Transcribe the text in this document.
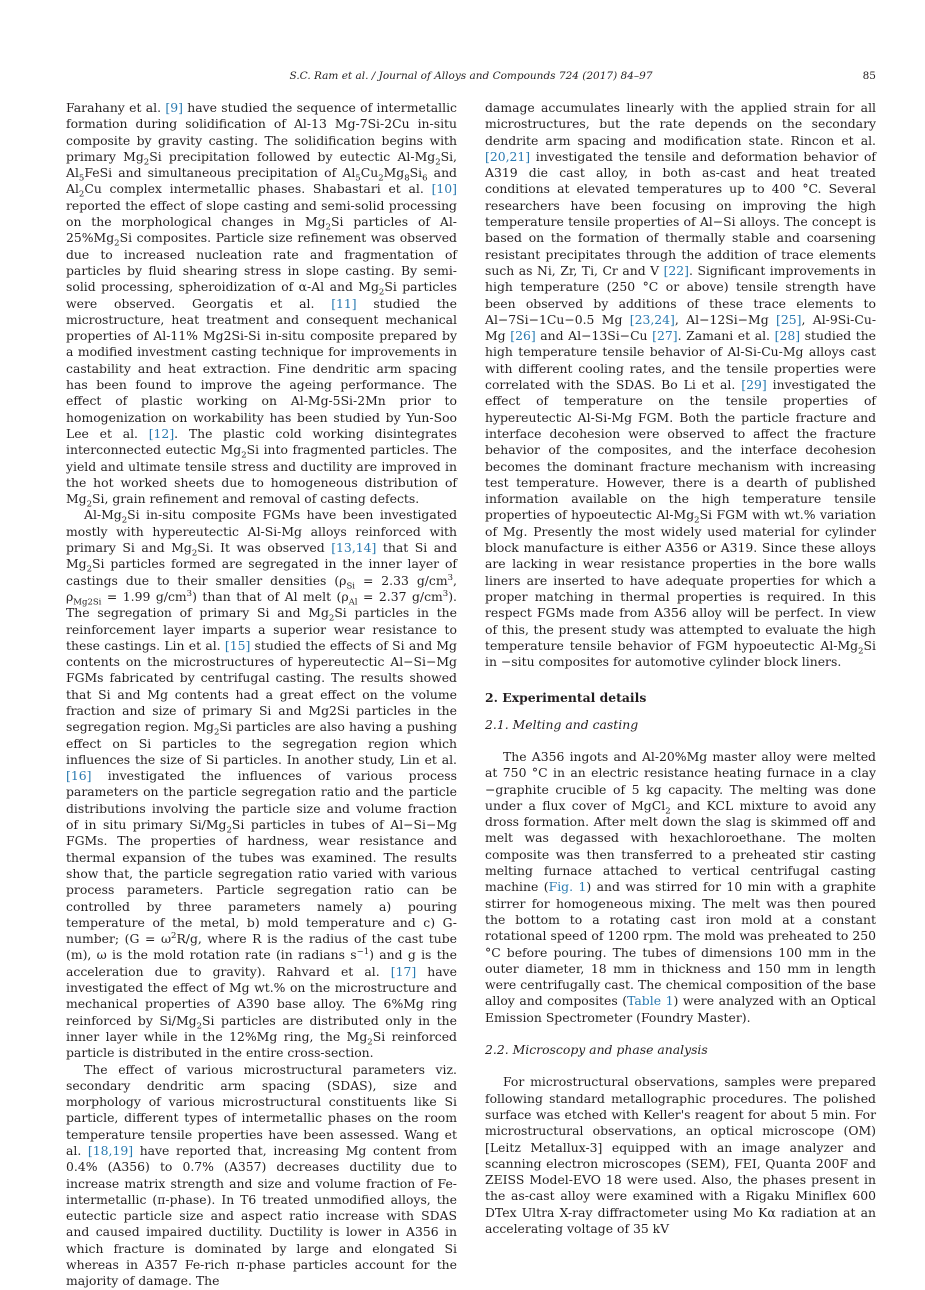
S.C. Ram et al. / Journal of Alloys and Compounds 724 (2017) 84–97	85

Farahany et al. [9] have studied the sequence of intermetallic formation during solidification of Al-13 Mg-7Si-2Cu in-situ composite by gravity casting. The solidification begins with primary $Mg_2Si$ precipitation followed by eutectic $Al-Mg_2Si$, $Al_5FeSi$ and simultaneous precipitation of $Al_5Cu_2Mg_8Si_6$ and $Al_2Cu$ complex intermetallic phases. Shabastari et al. [10] reported the effect of slope casting and semi-solid processing on the morphological changes in $Mg_2Si$ particles of $Al-25\%Mg_2Si$ composites. Particle size refinement was observed due to increased nucleation rate and fragmentation of particles by fluid shearing stress in slope casting. By semi-solid processing, spheroidization of α-Al and $Mg_2Si$ particles were observed. Georgatis et al. [11] studied the microstructure, heat treatment and consequent mechanical properties of Al-11% Mg2Si-Si in-situ composite prepared by a modified investment casting technique for improvements in castability and heat extraction. Fine dendritic arm spacing has been found to improve the ageing performance. The effect of plastic working on Al-Mg-5Si-2Mn prior to homogenization on workability has been studied by Yun-Soo Lee et al. [12]. The plastic cold working disintegrates interconnected eutectic $Mg_2Si$ into fragmented particles. The yield and ultimate tensile stress and ductility are improved in the hot worked sheets due to homogeneous distribution of $Mg_2Si$, grain refinement and removal of casting defects.

$Al-Mg_2Si$ in-situ composite FGMs have been investigated mostly with hypereutectic Al-Si-Mg alloys reinforced with primary Si and $Mg_2Si$. It was observed [13,14] that Si and $Mg_2Si$ particles formed are segregated in the inner layer of castings due to their smaller densities ($\rho_{Si} = 2.33$ $g/cm^3$, $\rho_{Mg2Si} = 1.99$ $g/cm^3$) than that of Al melt ($\rho_{Al} = 2.37$ $g/cm^3$). The segregation of primary Si and $Mg_2Si$ particles in the reinforcement layer imparts a superior wear resistance to these castings. Lin et al. [15] studied the effects of Si and Mg contents on the microstructures of hypereutectic Al−Si−Mg FGMs fabricated by centrifugal casting. The results showed that Si and Mg contents had a great effect on the volume fraction and size of primary Si and Mg2Si particles in the segregation region. $Mg_2Si$ particles are also having a pushing effect on Si particles to the segregation region which influences the size of Si particles. In another study, Lin et al. [16] investigated the influences of various process parameters on the particle segregation ratio and the particle distributions involving the particle size and volume fraction of in situ primary $Si/Mg_2Si$ particles in tubes of Al−Si−Mg FGMs. The properties of hardness, wear resistance and thermal expansion of the tubes was examined. The results show that, the particle segregation ratio varied with various process parameters. Particle segregation ratio can be controlled by three parameters namely a) pouring temperature of the metal, b) mold temperature and c) G-number; ($G = \omega^2R/g$, where R is the radius of the cast tube (m), ω is the mold rotation rate (in radians $s^{-1}$) and g is the acceleration due to gravity). Rahvard et al. [17] have investigated the effect of Mg wt.% on the microstructure and mechanical properties of A390 base alloy. The 6%Mg ring reinforced by $Si/Mg_2Si$ particles are distributed only in the inner layer while in the 12%Mg ring, the $Mg_2Si$ reinforced particle is distributed in the entire cross-section.

The effect of various microstructural parameters viz. secondary dendritic arm spacing (SDAS), size and morphology of various microstructural constituents like Si particle, different types of intermetallic phases on the room temperature tensile properties have been assessed. Wang et al. [18,19] have reported that, increasing Mg content from 0.4% (A356) to 0.7% (A357) decreases ductility due to increase matrix strength and size and volume fraction of Fe-intermetallic (π-phase). In T6 treated unmodified alloys, the eutectic particle size and aspect ratio increase with SDAS and caused impaired ductility. Ductility is lower in A356 in which fracture is dominated by large and elongated Si whereas in A357 Fe-rich π-phase particles account for the majority of damage. The

damage accumulates linearly with the applied strain for all microstructures, but the rate depends on the secondary dendrite arm spacing and modification state. Rincon et al. [20,21] investigated the tensile and deformation behavior of A319 die cast alloy, in both as-cast and heat treated conditions at elevated temperatures up to 400 °C. Several researchers have been focusing on improving the high temperature tensile properties of Al−Si alloys. The concept is based on the formation of thermally stable and coarsening resistant precipitates through the addition of trace elements such as Ni, Zr, Ti, Cr and V [22]. Significant improvements in high temperature (250 °C or above) tensile strength have been observed by additions of these trace elements to Al−7Si−1Cu−0.5 Mg [23,24], Al−12Si−Mg [25], Al-9Si-Cu-Mg [26] and Al−13Si−Cu [27]. Zamani et al. [28] studied the high temperature tensile behavior of Al-Si-Cu-Mg alloys cast with different cooling rates, and the tensile properties were correlated with the SDAS. Bo Li et al. [29] investigated the effect of temperature on the tensile properties of hypereutectic Al-Si-Mg FGM. Both the particle fracture and interface decohesion were observed to affect the fracture behavior of the composites, and the interface decohesion becomes the dominant fracture mechanism with increasing test temperature. However, there is a dearth of published information available on the high temperature tensile properties of hypoeutectic $Al-Mg_2Si$ FGM with wt.% variation of Mg. Presently the most widely used material for cylinder block manufacture is either A356 or A319. Since these alloys are lacking in wear resistance properties in the bore walls liners are inserted to have adequate properties for which a proper matching in thermal properties is required. In this respect FGMs made from A356 alloy will be perfect. In view of this, the present study was attempted to evaluate the high temperature tensile behavior of FGM hypoeutectic $Al-Mg_2Si$ in −situ composites for automotive cylinder block liners.

2. Experimental details
2.1. Melting and casting

The A356 ingots and Al-20%Mg master alloy were melted at 750 °C in an electric resistance heating furnace in a clay −graphite crucible of 5 kg capacity. The melting was done under a flux cover of MgCl$_2$ and KCL mixture to avoid any dross formation. After melt down the slag is skimmed off and melt was degassed with hexachloroethane. The molten composite was then transferred to a preheated stir casting melting furnace attached to vertical centrifugal casting machine (Fig. 1) and was stirred for 10 min with a graphite stirrer for homogeneous mixing. The melt was then poured the bottom to a rotating cast iron mold at a constant rotational speed of 1200 rpm. The mold was preheated to 250 °C before pouring. The tubes of dimensions 100 mm in the outer diameter, 18 mm in thickness and 150 mm in length were centrifugally cast. The chemical composition of the base alloy and composites (Table 1) were analyzed with an Optical Emission Spectrometer (Foundry Master).

2.2. Microscopy and phase analysis

For microstructural observations, samples were prepared following standard metallographic procedures. The polished surface was etched with Keller's reagent for about 5 min. For microstructural observations, an optical microscope (OM) [Leitz Metallux-3] equipped with an image analyzer and scanning electron microscopes (SEM), FEI, Quanta 200F and ZEISS Model-EVO 18 were used. Also, the phases present in the as-cast alloy were examined with a Rigaku Miniflex 600 DTex Ultra X-ray diffractometer using Mo Kα radiation at an accelerating voltage of 35 kV
